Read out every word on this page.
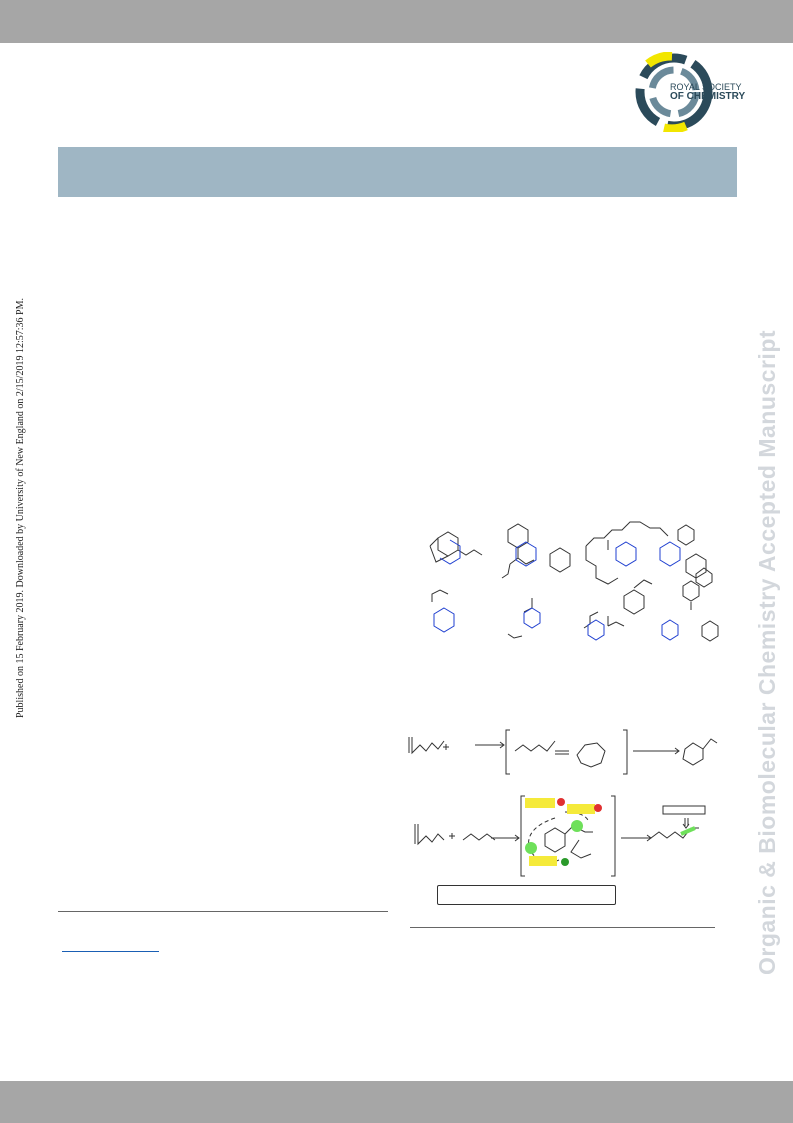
ROYAL SOCIETY
OF CHEMISTRY
Published on 15 February 2019. Downloaded by University of New England on 2/15/2019 12:57:36 PM.	Organic & Biomolecular Chemistry Accepted Manuscript
